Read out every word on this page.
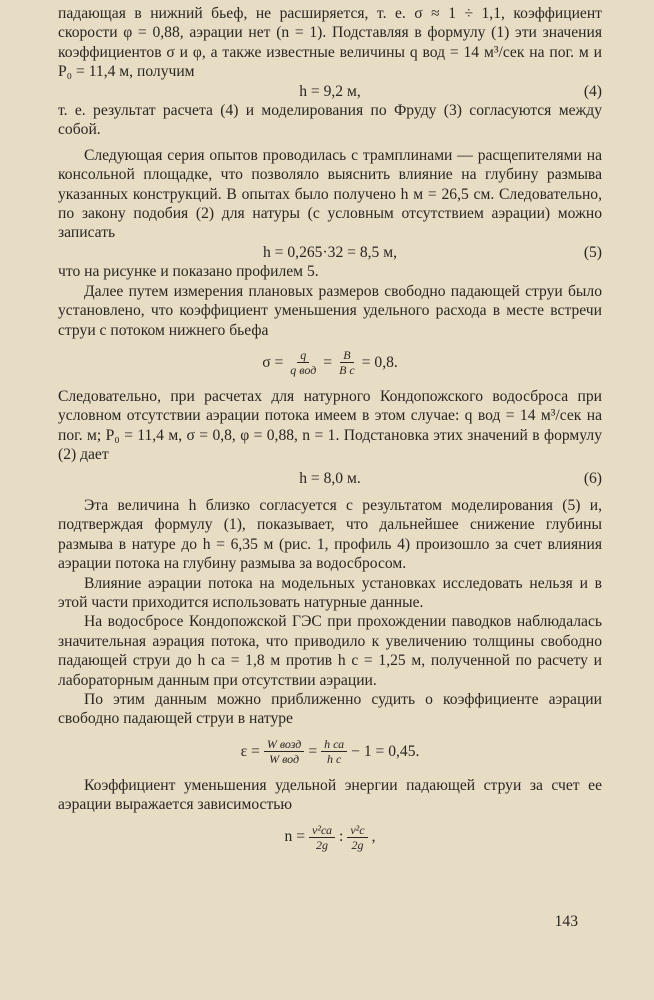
падающая в нижний бьеф, не расширяется, т. е. σ ≈ 1 ÷ 1,1, коэффициент скорости φ = 0,88, аэрации нет (n = 1). Подставляя в формулу (1) эти значения коэффициентов σ и φ, а также известные величины q вод = 14 м³/сек на пог. м и P₀ = 11,4 м, получим

h = 9,2 м,	(4)

т. е. результат расчета (4) и моделирования по Фруду (3) согласуются между собой.

Следующая серия опытов проводилась с трамплинами — расщепителями на консольной площадке, что позволяло выяснить влияние на глубину размыва указанных конструкций. В опытах было получено h м = 26,5 см. Следовательно, по закону подобия (2) для натуры (с условным отсутствием аэрации) можно записать

h = 0,265·32 = 8,5 м,	(5)

что на рисунке и показано профилем 5.

Далее путем измерения плановых размеров свободно падающей струи было установлено, что коэффициент уменьшения удельного расхода в месте встречи струи с потоком нижнего бьефа

$\sigma = \frac{q}{\text{q вод}} = \frac{B}{\text{B c}} = 0,8$.

Следовательно, при расчетах для натурного Кондопожского водосброса при условном отсутствии аэрации потока имеем в этом случае: q вод = 14 м³/сек на пог. м; P₀ = 11,4 м, σ = 0,8, φ = 0,88, n = 1. Подстановка этих значений в формулу (2) дает

h = 8,0 м.	(6)

Эта величина h близко согласуется с результатом моделирования (5) и, подтверждая формулу (1), показывает, что дальнейшее снижение глубины размыва в натуре до h = 6,35 м (рис. 1, профиль 4) произошло за счет влияния аэрации потока на глубину размыва за водосбросом.

Влияние аэрации потока на модельных установках исследовать нельзя и в этой части приходится использовать натурные данные.

На водосбросе Кондопожской ГЭС при прохождении паводков наблюдалась значительная аэрация потока, что приводило к увеличению толщины свободно падающей струи до h са = 1,8 м против h с = 1,25 м, полученной по расчету и лабораторным данным при отсутствии аэрации.

По этим данным можно приближенно судить о коэффициенте аэрации свободно падающей струи в натуре

$\varepsilon = \frac{\text{W возд}}{\text{W вод}} = \frac{\text{h са}}{\text{h с}} - 1 = 0,45$.

Коэффициент уменьшения удельной энергии падающей струи за счет ее аэрации выражается зависимостью

$n = \frac{\text{v²са}}{2g}$ : $\frac{\text{v²с}}{2g}$ ,
143
